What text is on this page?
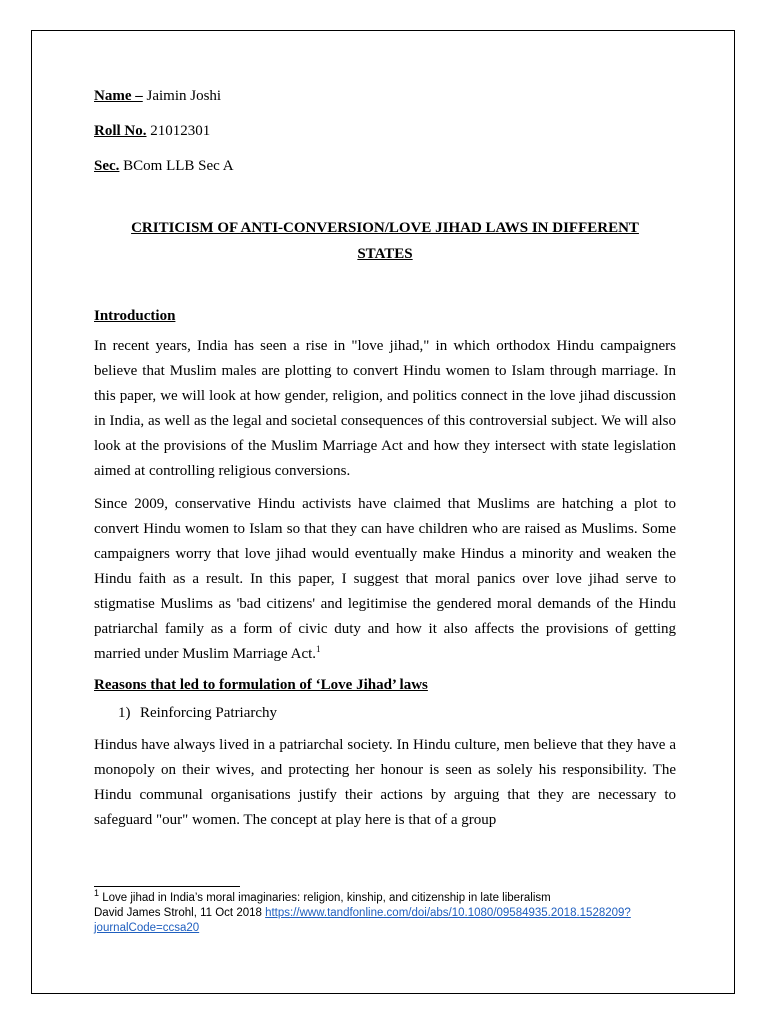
Name – Jaimin Joshi
Roll No. 21012301
Sec. BCom LLB Sec A
CRITICISM OF ANTI-CONVERSION/LOVE JIHAD LAWS IN DIFFERENT
STATES
Introduction

In recent years, India has seen a rise in "love jihad," in which orthodox Hindu campaigners believe that Muslim males are plotting to convert Hindu women to Islam through marriage. In this paper, we will look at how gender, religion, and politics connect in the love jihad discussion in India, as well as the legal and societal consequences of this controversial subject. We will also look at the provisions of the Muslim Marriage Act and how they intersect with state legislation aimed at controlling religious conversions.

Since 2009, conservative Hindu activists have claimed that Muslims are hatching a plot to convert Hindu women to Islam so that they can have children who are raised as Muslims. Some campaigners worry that love jihad would eventually make Hindus a minority and weaken the Hindu faith as a result. In this paper, I suggest that moral panics over love jihad serve to stigmatise Muslims as 'bad citizens' and legitimise the gendered moral demands of the Hindu patriarchal family as a form of civic duty and how it also affects the provisions of getting married under Muslim Marriage Act.$^1$

Reasons that led to formulation of ‘Love Jihad’ laws
1) Reinforcing Patriarchy

Hindus have always lived in a patriarchal society. In Hindu culture, men believe that they have a monopoly on their wives, and protecting her honour is seen as solely his responsibility. The Hindu communal organisations justify their actions by arguing that they are necessary to safeguard "our" women. The concept at play here is that of a group

$^1$ Love jihad in India’s moral imaginaries: religion, kinship, and citizenship in late liberalism
David James Strohl, 11 Oct 2018 https://www.tandfonline.com/doi/abs/10.1080/09584935.2018.1528209?
journalCode=ccsa20
